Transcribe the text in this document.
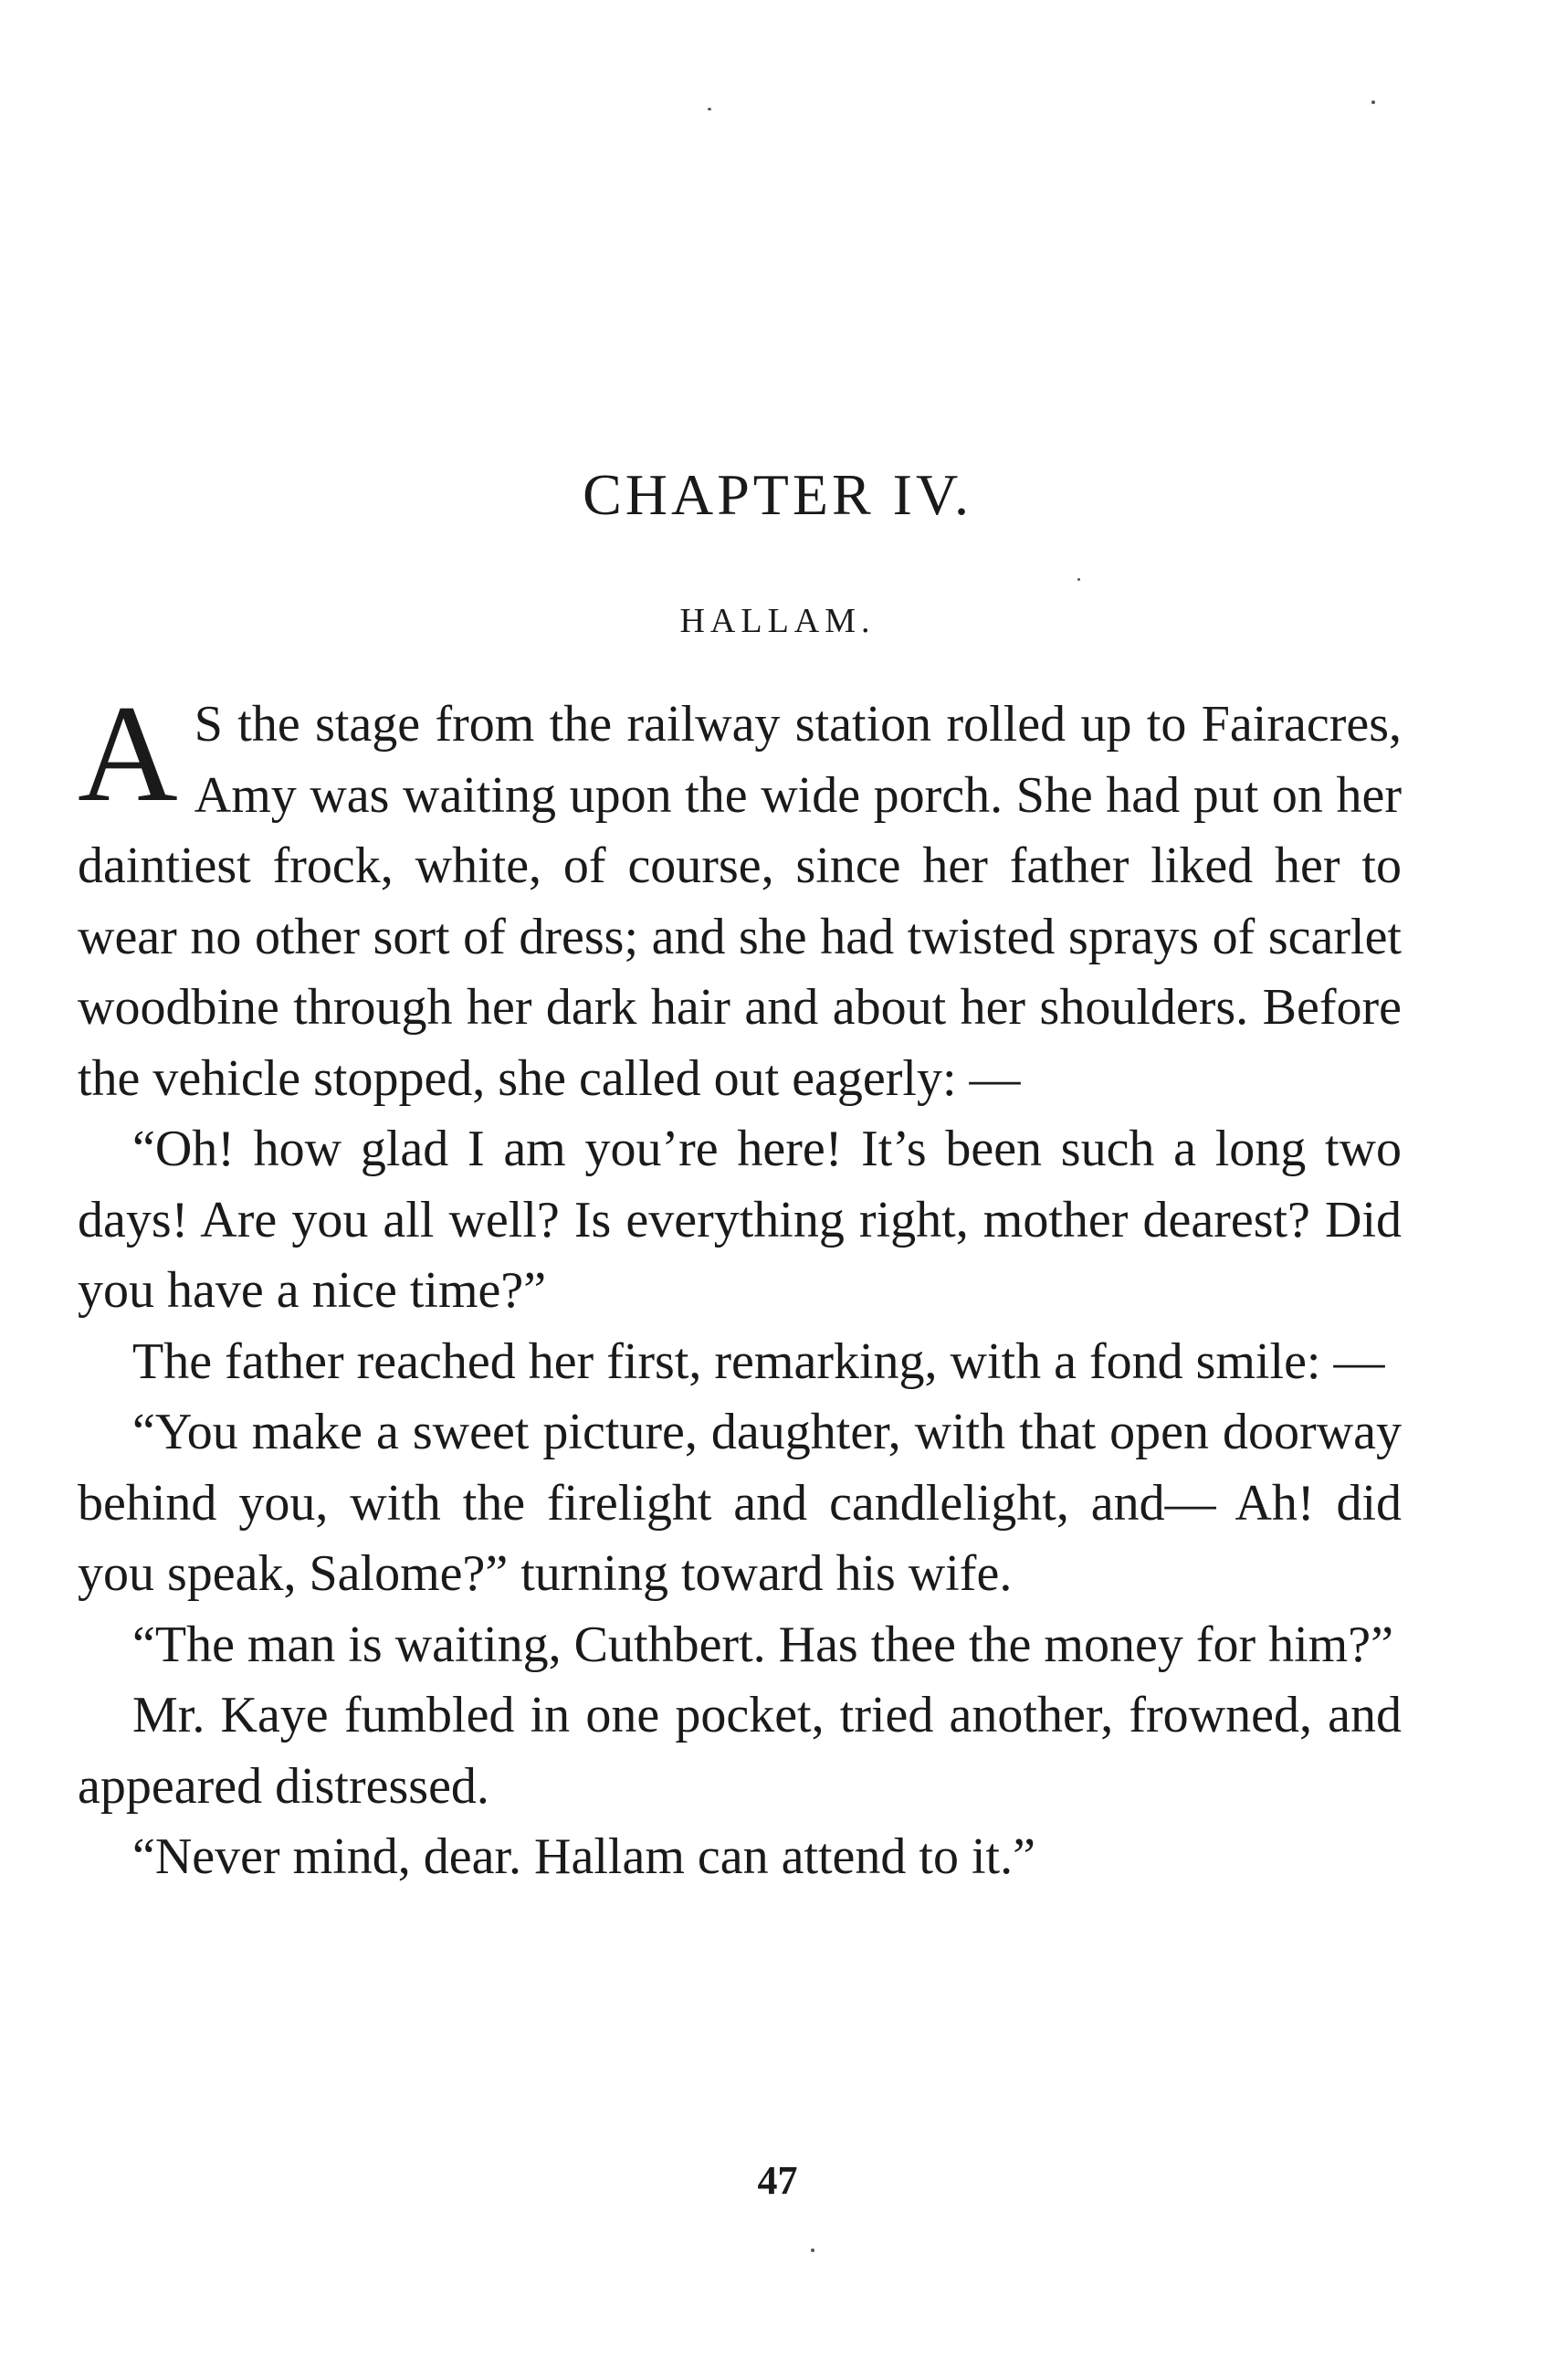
CHAPTER IV.
HALLAM.

A S the stage from the railway station rolled up to Fairacres, Amy was waiting upon the wide porch. She had put on her daintiest frock, white, of course, since her father liked her to wear no other sort of dress; and she had twisted sprays of scarlet woodbine through her dark hair and about her shoulders. Before the vehicle stopped, she called out eagerly: —

“Oh! how glad I am you’re here! It’s been such a long two days! Are you all well? Is everything right, mother dearest? Did you have a nice time?”

The father reached her first, remarking, with a fond smile: —

“You make a sweet picture, daughter, with that open doorway behind you, with the firelight and candlelight, and— Ah! did you speak, Salome?” turning toward his wife.

“The man is waiting, Cuthbert. Has thee the money for him?”

Mr. Kaye fumbled in one pocket, tried another, frowned, and appeared distressed.

“Never mind, dear. Hallam can attend to it.”

47
